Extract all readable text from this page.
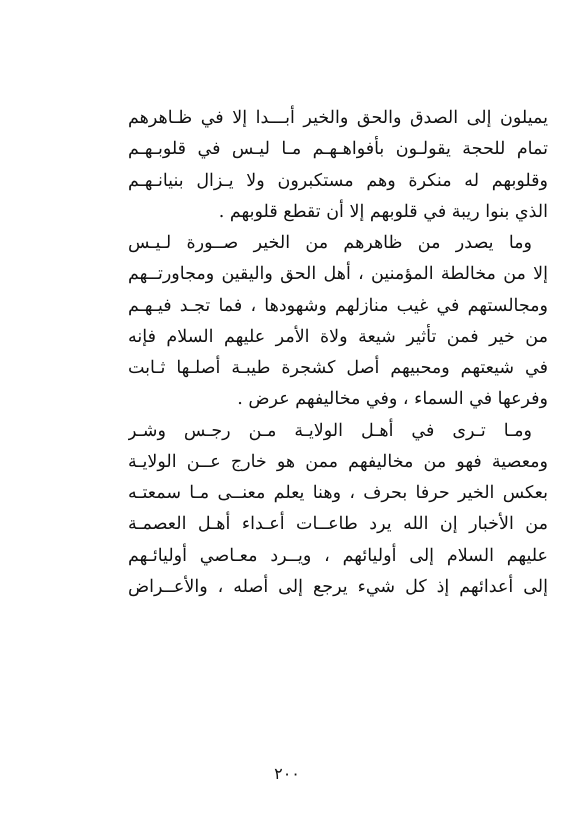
يميلون إلى الصدق والحق والخير أبـــدا إلا في ظـاهرهم
تمام للحجة يقولـون بأفواهـهـم مـا ليـس في قلوبـهـم
وقلوبهم له منكرة وهم مستكبرون ولا يـزال بنيانـهـم
الذي بنوا ريبة في قلوبهم إلا أن تقطع قلوبهم .
وما يصدر من ظاهرهم من الخير صــورة لـيـس
إلا من مخالطة المؤمنين ، أهل الحق واليقين ومجاورتــهم
ومجالستهم في غيب منازلهم وشهودها ، فما تجـد فيـهـم
من خير فمن تأثير شيعة ولاة الأمر عليهم السلام فإنه
في شيعتهم ومحبيهم أصل كشجرة طيبـة أصلـها ثـابت
وفرعها في السماء ، وفي مخاليفهم عرض .
ومـا تـرى في أهـل الولايـة مـن رجـس وشـر
ومعصية فهو من مخاليفهم ممن هو خارج عــن الولايـة
بعكس الخير حرفا بحرف ، وهنا يعلم معنــى مـا سمعتـه
من الأخبار إن الله يرد طاعــات أعـداء أهـل العصمـة
عليهم السلام إلى أوليائهم ، ويــرد معـاصي أوليائـهم
إلى أعدائهم إذ كل شيء يرجع إلى أصله ، والأعــراض
٢٠٠
